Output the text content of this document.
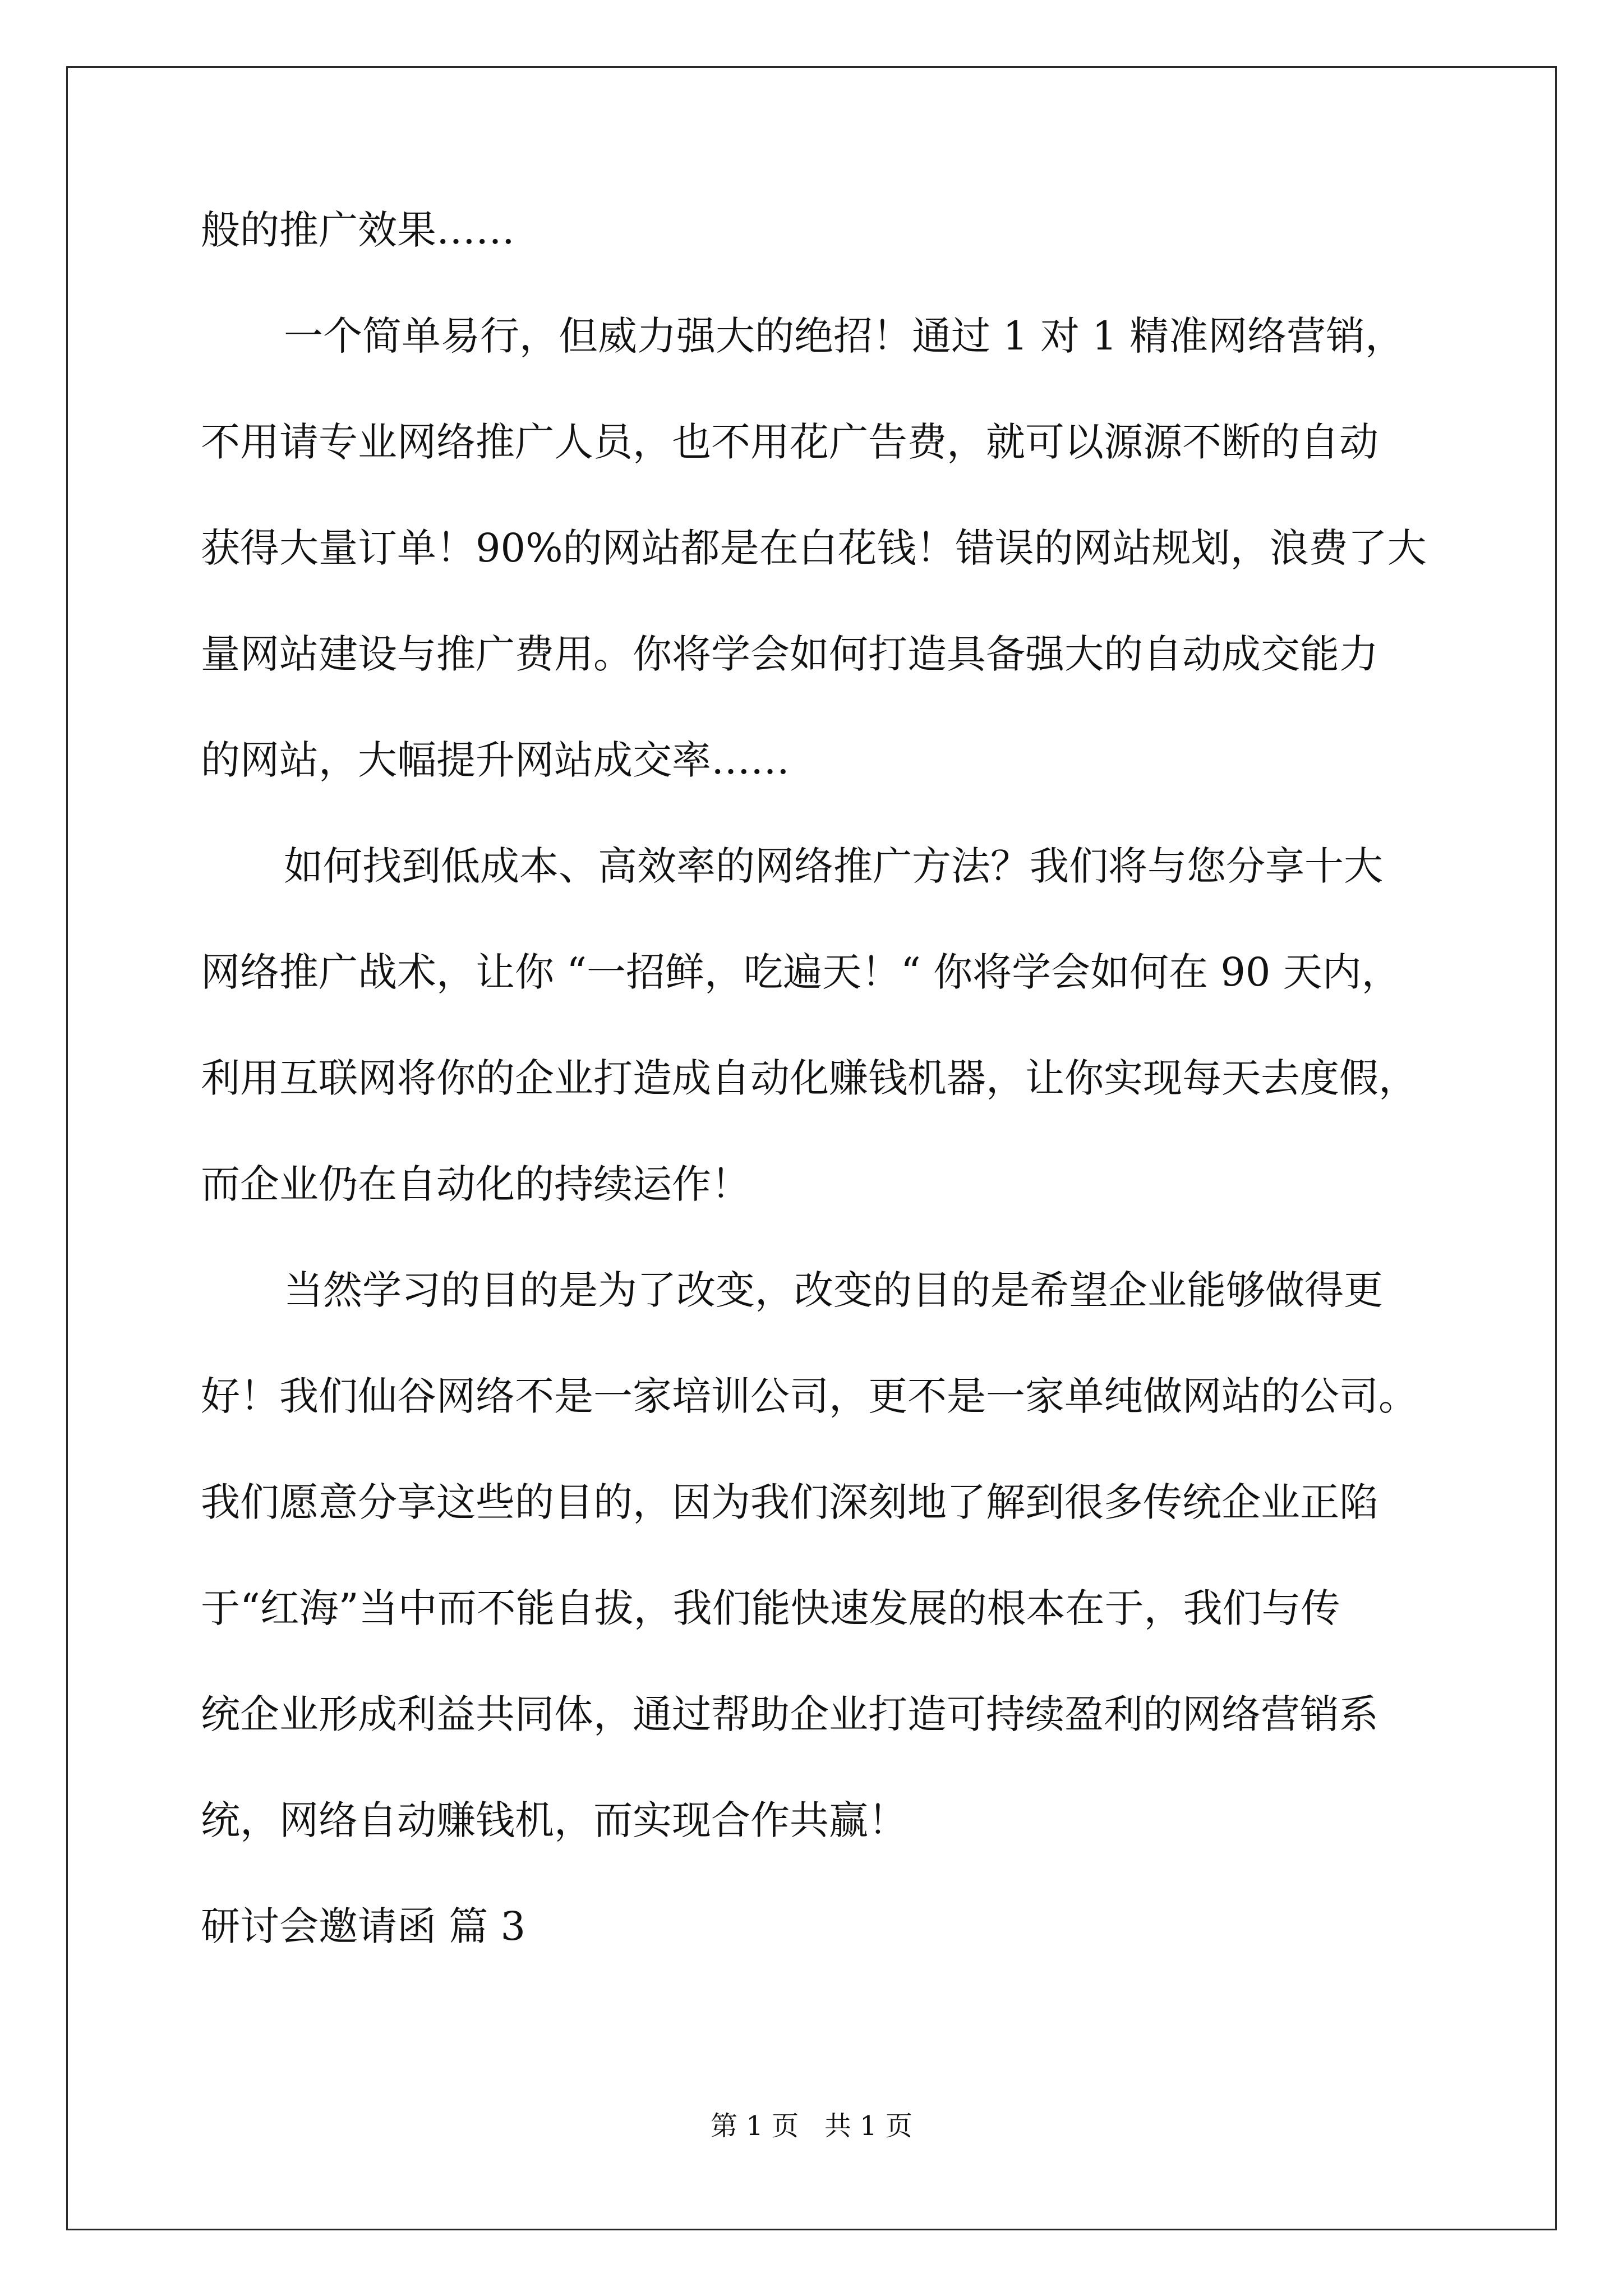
般的推广效果……
一个简单易行，但威力强大的绝招！通过 1 对 1 精准网络营销，
不用请专业网络推广人员，也不用花广告费，就可以源源不断的自动
获得大量订单！90%的网站都是在白花钱！错误的网站规划，浪费了大
量网站建设与推广费用。你将学会如何打造具备强大的自动成交能力
的网站，大幅提升网站成交率……
如何找到低成本、高效率的网络推广方法？我们将与您分享十大
网络推广战术，让你 “一招鲜，吃遍天！“ 你将学会如何在 90 天内，
利用互联网将你的企业打造成自动化赚钱机器，让你实现每天去度假，
而企业仍在自动化的持续运作！
当然学习的目的是为了改变，改变的目的是希望企业能够做得更
好！我们仙谷网络不是一家培训公司，更不是一家单纯做网站的公司。
我们愿意分享这些的目的，因为我们深刻地了解到很多传统企业正陷
于“红海”当中而不能自拔，我们能快速发展的根本在于，我们与传
统企业形成利益共同体，通过帮助企业打造可持续盈利的网络营销系
统，网络自动赚钱机，而实现合作共赢！
研讨会邀请函 篇 3
第 1 页   共 1 页
